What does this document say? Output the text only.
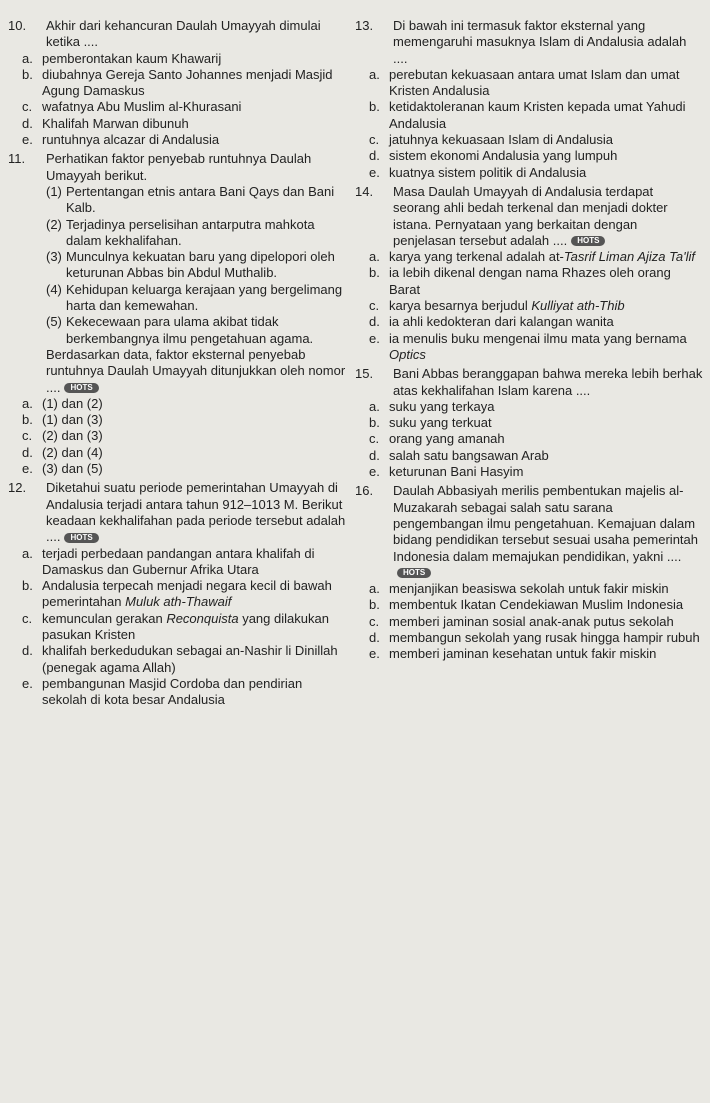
10. Akhir dari kehancuran Daulah Umayyah dimulai ketika ....
a. pemberontakan kaum Khawarij
b. diubahnya Gereja Santo Johannes menjadi Masjid Agung Damaskus
c. wafatnya Abu Muslim al-Khurasani
d. Khalifah Marwan dibunuh
e. runtuhnya alcazar di Andalusia
11. Perhatikan faktor penyebab runtuhnya Daulah Umayyah berikut.
(1) Pertentangan etnis antara Bani Qays dan Bani Kalb.
(2) Terjadinya perselisihan antarputra mahkota dalam kekhalifahan.
(3) Munculnya kekuatan baru yang dipelopori oleh keturunan Abbas bin Abdul Muthalib.
(4) Kehidupan keluarga kerajaan yang bergelimang harta dan kemewahan.
(5) Kekecewaan para ulama akibat tidak berkembangnya ilmu pengetahuan agama.
Berdasarkan data, faktor eksternal penyebab runtuhnya Daulah Umayyah ditunjukkan oleh nomor .... HOTS
a. (1) dan (2)
b. (1) dan (3)
c. (2) dan (3)
d. (2) dan (4)
e. (3) dan (5)
12. Diketahui suatu periode pemerintahan Umayyah di Andalusia terjadi antara tahun 912–1013 M. Berikut keadaan kekhalifahan pada periode tersebut adalah .... HOTS
a. terjadi perbedaan pandangan antara khalifah di Damaskus dan Gubernur Afrika Utara
b. Andalusia terpecah menjadi negara kecil di bawah pemerintahan Muluk ath-Thawaif
c. kemunculan gerakan Reconquista yang dilakukan pasukan Kristen
d. khalifah berkedudukan sebagai an-Nashir li Dinillah (penegak agama Allah)
e. pembangunan Masjid Cordoba dan pendirian sekolah di kota besar Andalusia
13. Di bawah ini termasuk faktor eksternal yang memengaruhi masuknya Islam di Andalusia adalah ....
a. perebutan kekuasaan antara umat Islam dan umat Kristen Andalusia
b. ketidaktoleranan kaum Kristen kepada umat Yahudi Andalusia
c. jatuhnya kekuasaan Islam di Andalusia
d. sistem ekonomi Andalusia yang lumpuh
e. kuatnya sistem politik di Andalusia
14. Masa Daulah Umayyah di Andalusia terdapat seorang ahli bedah terkenal dan menjadi dokter istana. Pernyataan yang berkaitan dengan penjelasan tersebut adalah .... HOTS
a. karya yang terkenal adalah at-Tasrif Liman Ajiza Ta'lif
b. ia lebih dikenal dengan nama Rhazes oleh orang Barat
c. karya besarnya berjudul Kulliyat ath-Thib
d. ia ahli kedokteran dari kalangan wanita
e. ia menulis buku mengenai ilmu mata yang bernama Optics
15. Bani Abbas beranggapan bahwa mereka lebih berhak atas kekhalifahan Islam karena ....
a. suku yang terkaya
b. suku yang terkuat
c. orang yang amanah
d. salah satu bangsawan Arab
e. keturunan Bani Hasyim
16. Daulah Abbasiyah merilis pembentukan majelis al-Muzakarah sebagai salah satu sarana pengembangan ilmu pengetahuan. Kemajuan dalam bidang pendidikan tersebut sesuai usaha pemerintah Indonesia dalam memajukan pendidikan, yakni ....HOTS
a. menjanjikan beasiswa sekolah untuk fakir miskin
b. membentuk Ikatan Cendekiawan Muslim Indonesia
c. memberi jaminan sosial anak-anak putus sekolah
d. membangun sekolah yang rusak hingga hampir rubuh
e. memberi jaminan kesehatan untuk fakir miskin
